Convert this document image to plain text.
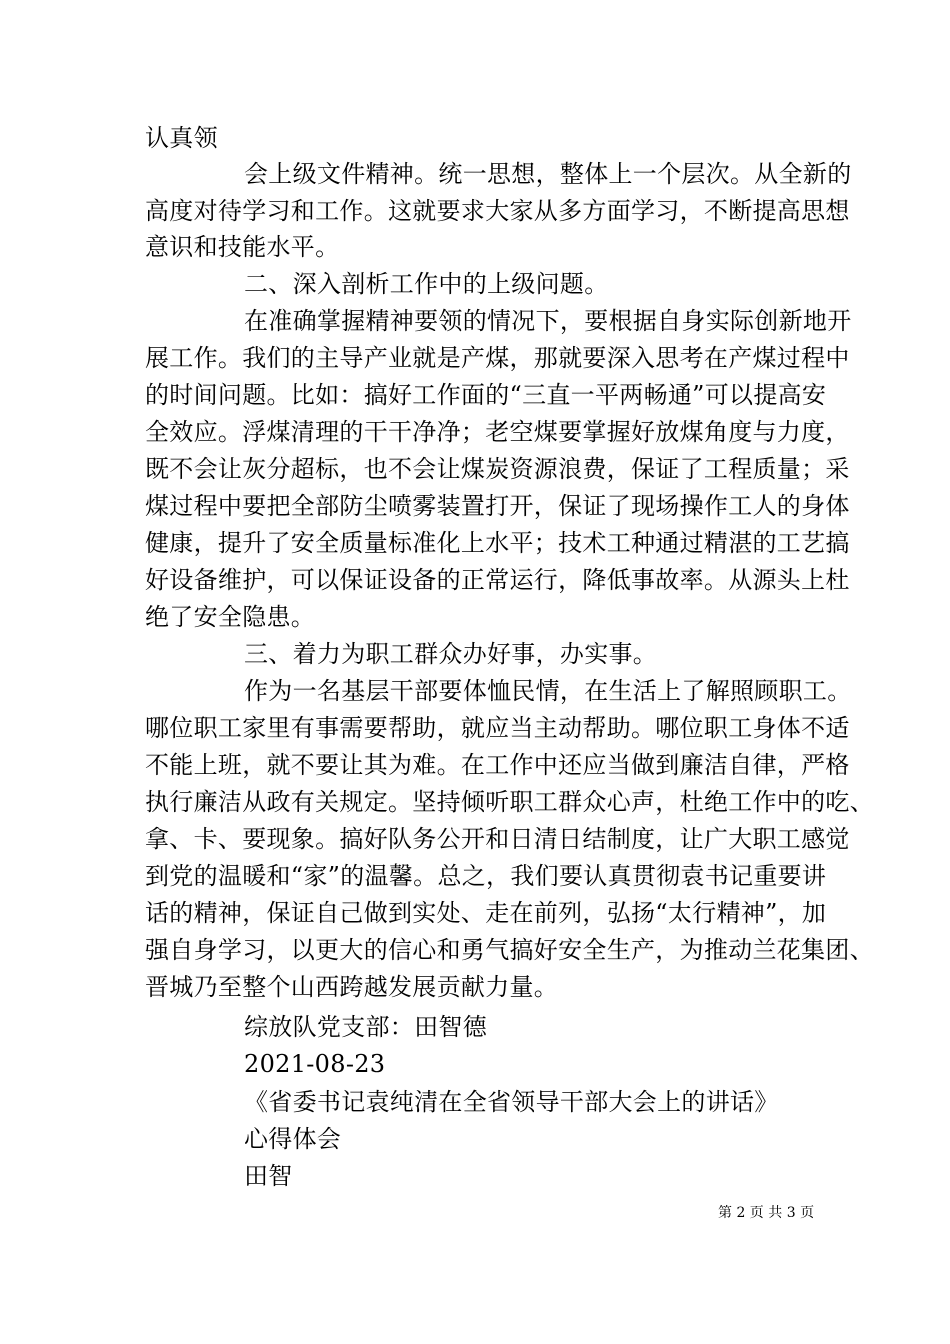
认真领
会上级文件精神。统一思想，整体上一个层次。从全新的
高度对待学习和工作。这就要求大家从多方面学习，不断提高思想
意识和技能水平。
二、深入剖析工作中的上级问题。
在准确掌握精神要领的情况下，要根据自身实际创新地开
展工作。我们的主导产业就是产煤，那就要深入思考在产煤过程中
的时间问题。比如：搞好工作面的“三直一平两畅通”可以提高安
全效应。浮煤清理的干干净净；老空煤要掌握好放煤角度与力度，
既不会让灰分超标，也不会让煤炭资源浪费，保证了工程质量；采
煤过程中要把全部防尘喷雾装置打开，保证了现场操作工人的身体
健康，提升了安全质量标准化上水平；技术工种通过精湛的工艺搞
好设备维护，可以保证设备的正常运行，降低事故率。从源头上杜
绝了安全隐患。
三、着力为职工群众办好事，办实事。
作为一名基层干部要体恤民情，在生活上了解照顾职工。
哪位职工家里有事需要帮助，就应当主动帮助。哪位职工身体不适
不能上班，就不要让其为难。在工作中还应当做到廉洁自律，严格
执行廉洁从政有关规定。坚持倾听职工群众心声，杜绝工作中的吃、
拿、卡、要现象。搞好队务公开和日清日结制度，让广大职工感觉
到党的温暖和“家”的温馨。总之，我们要认真贯彻袁书记重要讲
话的精神，保证自己做到实处、走在前列，弘扬“太行精神”，加
强自身学习，以更大的信心和勇气搞好安全生产，为推动兰花集团、
晋城乃至整个山西跨越发展贡献力量。
综放队党支部：田智德
2021-08-23
《省委书记袁纯清在全省领导干部大会上的讲话》
心得体会
田智
第 2 页 共 3 页
